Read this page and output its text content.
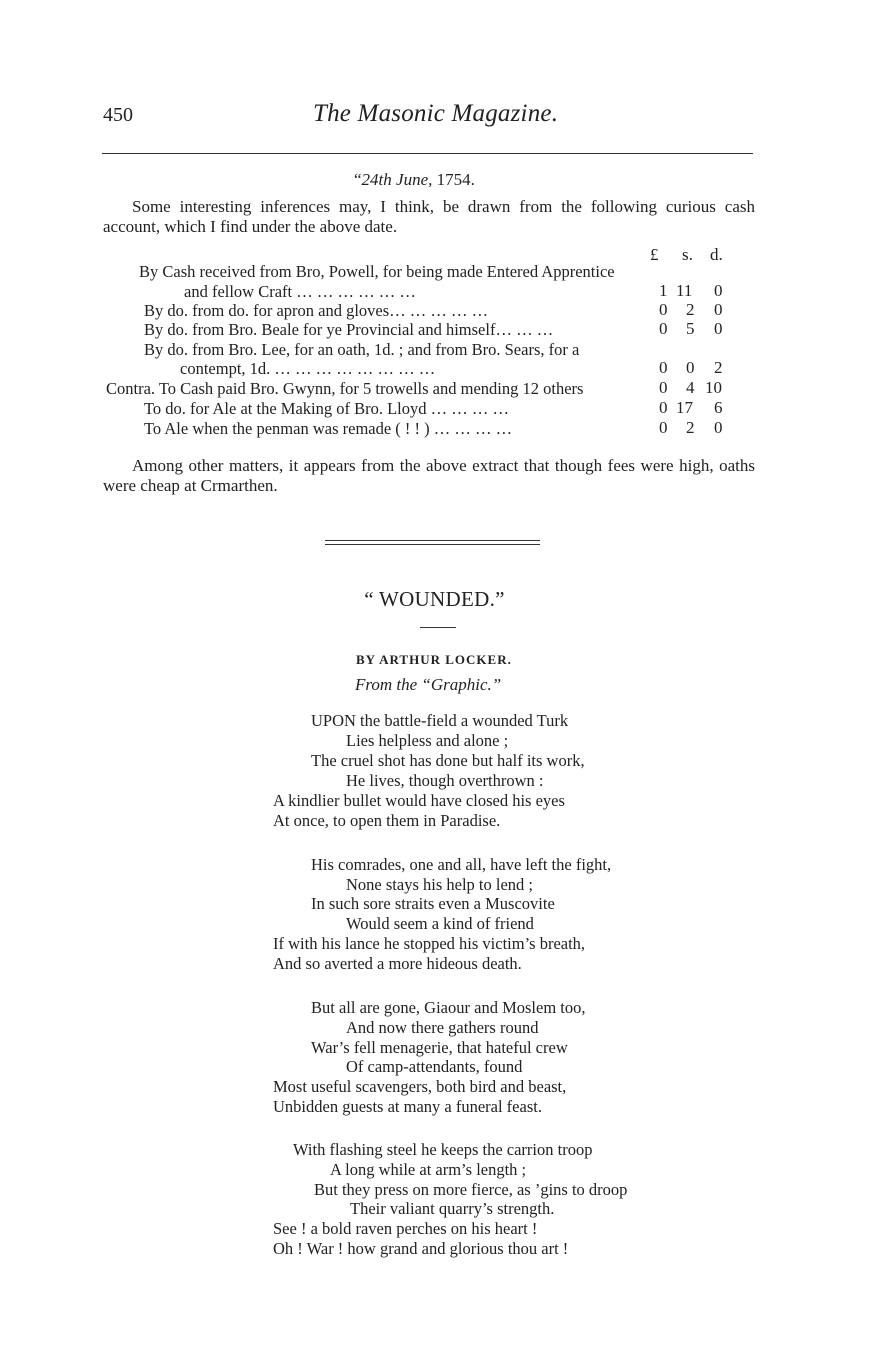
450	The Masonic Magazine.
“24th June, 1754.
Some interesting inferences may, I think, be drawn from the following curious cash account, which I find under the above date.
£ s. d.
By Cash received from Bro, Powell, for being made Entered Apprentice
and fellow Craft … … … … … …
By do. from do. for apron and gloves… … … … …
By do. from Bro. Beale for ye Provincial and himself… … …
By do. from Bro. Lee, for an oath, 1d. ; and from Bro. Sears, for a
contempt, 1d. … … … … … … … …
Contra. To Cash paid Bro. Gwynn, for 5 trowells and mending 12 others
To do. for Ale at the Making of Bro. Lloyd … … … …
To Ale when the penman was remade ( ! ! ) … … … …
1 11 0
0 2 0
0 5 0
0 0 2
0 4 10
0 17 6
0 2 0
Among other matters, it appears from the above extract that though fees were high, oaths were cheap at Crmarthen.
“ WOUNDED.”
BY ARTHUR LOCKER.
From the “Graphic.”
UPON the battle-field a wounded Turk
Lies helpless and alone ;
The cruel shot has done but half its work,
He lives, though overthrown :
A kindlier bullet would have closed his eyes
At once, to open them in Paradise.
His comrades, one and all, have left the fight,
None stays his help to lend ;
In such sore straits even a Muscovite
Would seem a kind of friend
If with his lance he stopped his victim’s breath,
And so averted a more hideous death.
But all are gone, Giaour and Moslem too,
And now there gathers round
War’s fell menagerie, that hateful crew
Of camp-attendants, found
Most useful scavengers, both bird and beast,
Unbidden guests at many a funeral feast.
With flashing steel he keeps the carrion troop
A long while at arm’s length ;
But they press on more fierce, as ’gins to droop
Their valiant quarry’s strength.
See ! a bold raven perches on his heart !
Oh ! War ! how grand and glorious thou art !
